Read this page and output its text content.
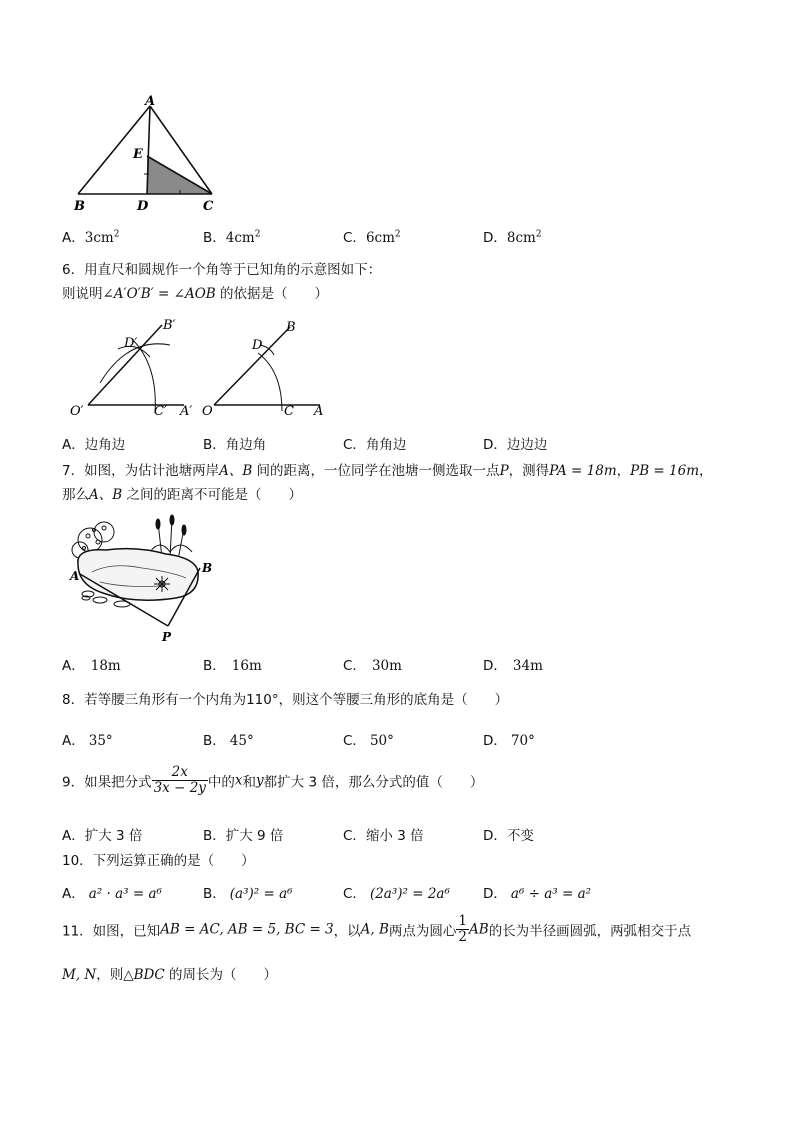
A
E
B	D	C
A．$3cm^2$	B．$4cm^2$	C．$6cm^2$	D．$8cm^2$
6．用直尺和圆规作一个角等于已知角的示意图如下：
则说明∠A′O′B′ = ∠AOB 的依据是（　　）
B′
D′
O′	C′ A′
B
D
O	C A
A．边角边	B．角边角	C．角角边	D．边边边
7．如图，为估计池塘两岸A、B 间的距离，一位同学在池塘一侧选取一点P，测得PA = 18m，PB = 16m，
那么A、B 之间的距离不可能是（　　）
A
B
P
A． 18m	B． 16m	C． 30m	D． 34m
8．若等腰三角形有一个内角为110°，则这个等腰三角形的底角是（　　）
A． 35°	B． 45°	C． 50°	D． 70°
9．如果把分式 $\frac{2x}{3x - 2y}$ 中的x和y都扩大 3 倍，那么分式的值（　　）
A．扩大 3 倍	B．扩大 9 倍	C．缩小 3 倍	D．不变
10．下列运算正确的是（　　）
A． a² · a³ = a⁶	B． (a³)² = a⁶	C． (2a³)² = 2a⁶ D． a⁶ ÷ a³ = a²
11．如图，已知AB = AC, AB = 5, BC = 3，以A, B两点为圆心 $\frac{1}{2}$ AB的长为半径画圆弧，两弧相交于点
M, N，则△BDC 的周长为（　　）
